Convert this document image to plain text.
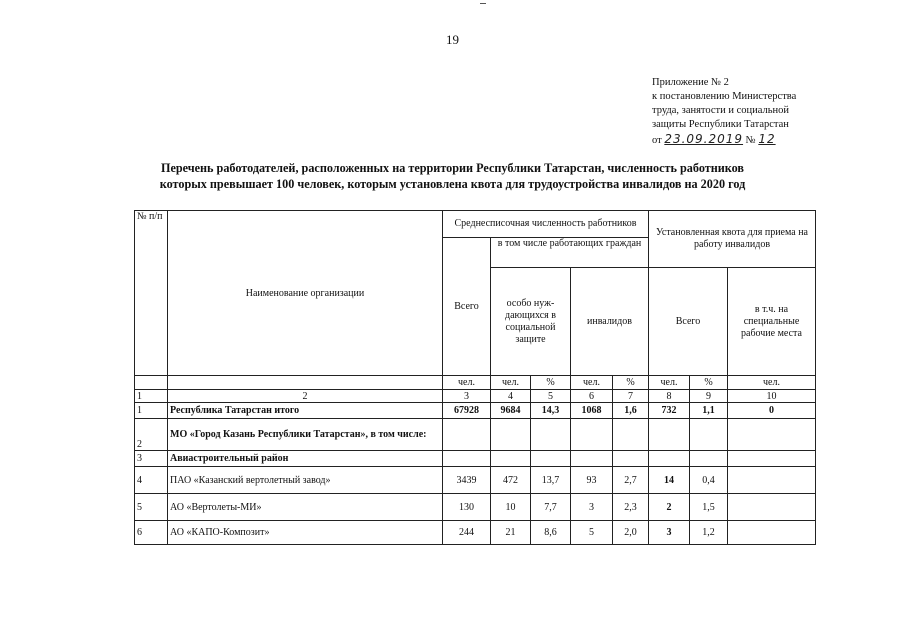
19
Приложение № 2
к постановлению Министерства
труда, занятости и социальной
защиты Республики Татарстан
от 23.09.2019 № 12
Перечень работодателей, расположенных на территории Республики Татарстан, численность работников
которых превышает 100 человек, которым установлена квота для трудоустройства инвалидов на 2020 год
№ п/п	Наименование организации	Среднесписочная численность работников					Установленная квота для приема на работу инвалидов		
		Всего	в том числе работающих граждан						
			особо нуж-дающихся в социальной защите		инвалидов		Всего		в т.ч. на специальные рабочие места

		чел.	чел.	%	чел.	%	чел.	%	чел.
1	2	3	4	5	6	7	8	9	10
1	Республика Татарстан итого	67928	9684	14,3	1068	1,6	732	1,1	0
2	МО «Город Казань Республики Татарстан», в том числе:								
3	Авиастроительный район								
4	ПАО «Казанский вертолетный завод»	3439	472	13,7	93	2,7	14	0,4	
5	АО «Вертолеты-МИ»	130	10	7,7	3	2,3	2	1,5	
6	АО «КАПО-Композит»	244	21	8,6	5	2,0	3	1,2	
